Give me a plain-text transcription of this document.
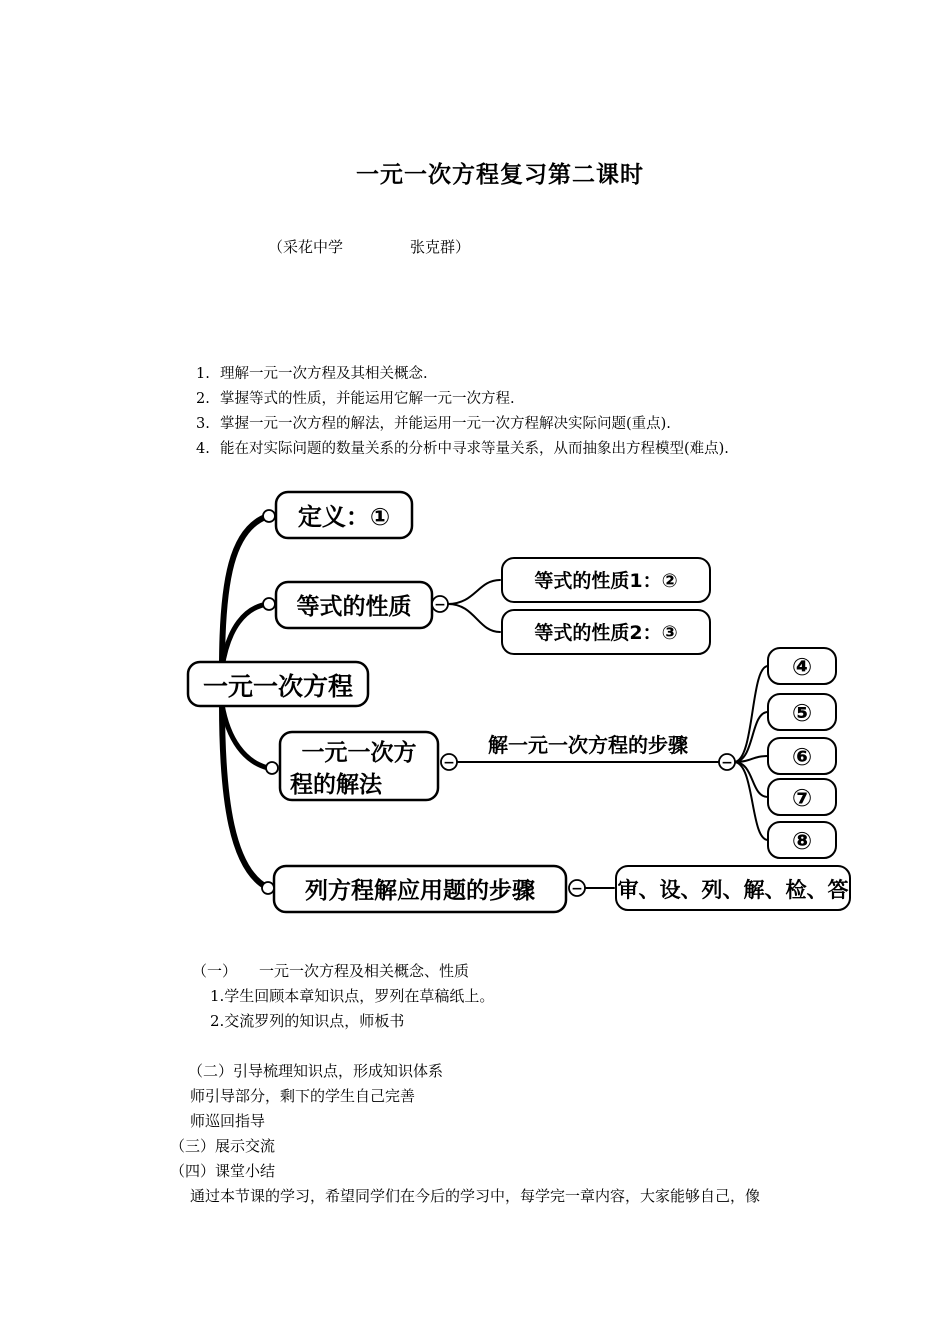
一元一次方程复习第二课时
（采花中学	张克群）
1. 理解一元一次方程及其相关概念.
2. 掌握等式的性质，并能运用它解一元一次方程.
3. 掌握一元一次方程的解法，并能运用一元一次方程解决实际问题(重点).
4. 能在对实际问题的数量关系的分析中寻求等量关系，从而抽象出方程模型(难点).
−
−	−
−
一元一次方程
定义：①
等式的性质
等式的性质1：②
等式的性质2：③
一元一次方
程的解法
解一元一次方程的步骤
④
⑤
⑥
⑦
⑧
列方程解应用题的步骤	审、设、列、解、检、答
（一） 一元一次方程及相关概念、性质
1.学生回顾本章知识点，罗列在草稿纸上。
2.交流罗列的知识点，师板书
（二）引导梳理知识点，形成知识体系
师引导部分，剩下的学生自己完善
师巡回指导
（三）展示交流
（四）课堂小结
通过本节课的学习，希望同学们在今后的学习中，每学完一章内容，大家能够自己，像
